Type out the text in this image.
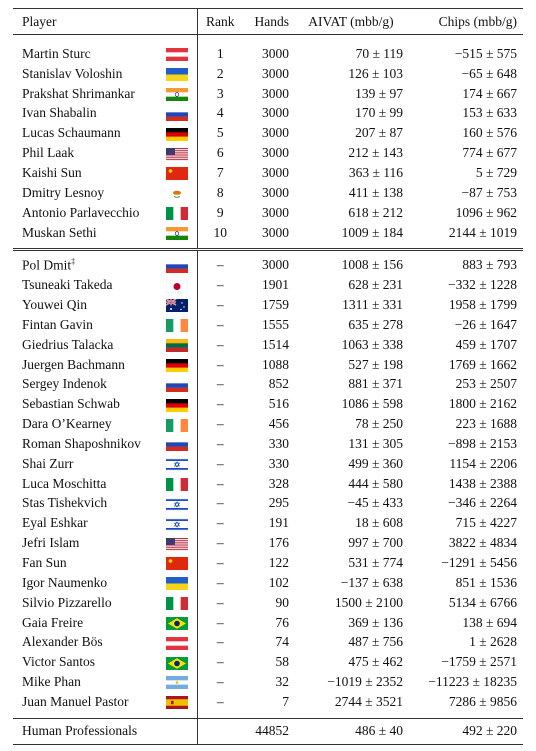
Player		Rank	Hands	AIVAT (mbb/g)	Chips (mbb/g)
Martin Sturc		1	3000	70 ± 119	−515 ± 575
Stanislav Voloshin		2	3000	126 ± 103	−65 ± 648
Prakshat Shrimankar		3	3000	139 ± 97	174 ± 667
Ivan Shabalin		4	3000	170 ± 99	153 ± 633
Lucas Schaumann		5	3000	207 ± 87	160 ± 576
Phil Laak		6	3000	212 ± 143	774 ± 677
Kaishi Sun		7	3000	363 ± 116	5 ± 729
Dmitry Lesnoy		8	3000	411 ± 138	−87 ± 753
Antonio Parlavecchio		9	3000	618 ± 212	1096 ± 962
Muskan Sethi		10	3000	1009 ± 184	2144 ± 1019
Pol Dmit‡		–	3000	1008 ± 156	883 ± 793
Tsuneaki Takeda		–	1901	628 ± 231	−332 ± 1228
Youwei Qin		–	1759	1311 ± 331	1958 ± 1799
Fintan Gavin		–	1555	635 ± 278	−26 ± 1647
Giedrius Talacka		–	1514	1063 ± 338	459 ± 1707
Juergen Bachmann		–	1088	527 ± 198	1769 ± 1662
Sergey Indenok		–	852	881 ± 371	253 ± 2507
Sebastian Schwab		–	516	1086 ± 598	1800 ± 2162
Dara O’Kearney		–	456	78 ± 250	223 ± 1688
Roman Shaposhnikov		–	330	131 ± 305	−898 ± 2153
Shai Zurr		–	330	499 ± 360	1154 ± 2206
Luca Moschitta		–	328	444 ± 580	1438 ± 2388
Stas Tishekvich		–	295	−45 ± 433	−346 ± 2264
Eyal Eshkar		–	191	18 ± 608	715 ± 4227
Jefri Islam		–	176	997 ± 700	3822 ± 4834
Fan Sun		–	122	531 ± 774	−1291 ± 5456
Igor Naumenko		–	102	−137 ± 638	851 ± 1536
Silvio Pizzarello		–	90	1500 ± 2100	5134 ± 6766
Gaia Freire		–	76	369 ± 136	138 ± 694
Alexander Bös		–	74	487 ± 756	1 ± 2628
Victor Santos		–	58	475 ± 462	−1759 ± 2571
Mike Phan		–	32	−1019 ± 2352	−11223 ± 18235
Juan Manuel Pastor		–	7	2744 ± 3521	7286 ± 9856
Human Professionals			44852	486 ± 40	492 ± 220
